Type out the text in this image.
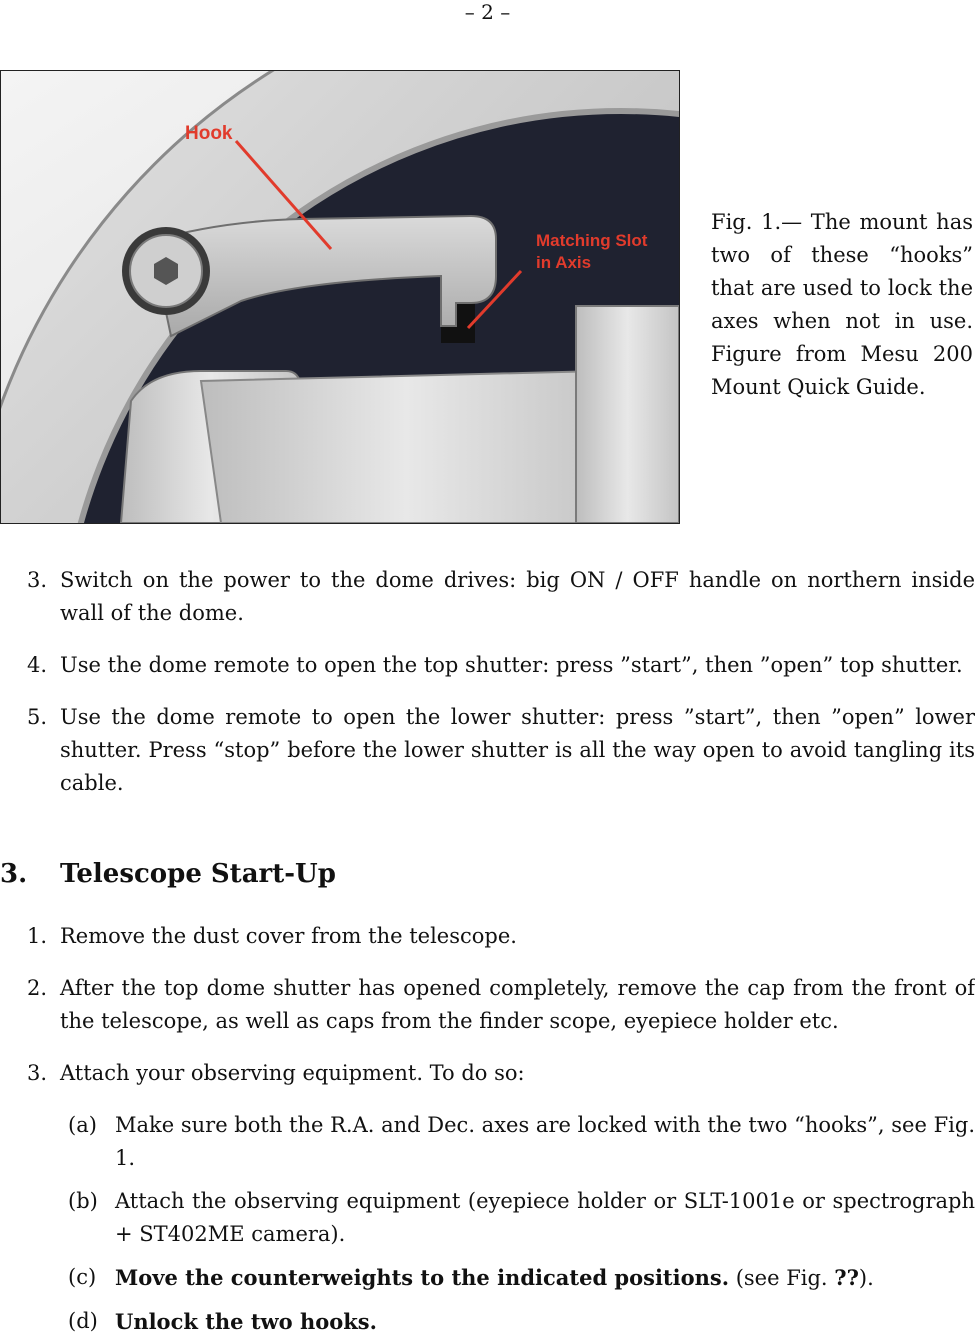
– 2 –
Hook
Matching Slot
in Axis
Fig. 1.— The mount has two of these “hooks” that are used to lock the axes when not in use. Figure from Mesu 200 Mount Quick Guide.
3. Switch on the power to the dome drives: big ON / OFF handle on northern inside wall of the dome.
4. Use the dome remote to open the top shutter: press ”start”, then ”open” top shutter.
5. Use the dome remote to open the lower shutter: press ”start”, then ”open” lower shutter. Press “stop” before the lower shutter is all the way open to avoid tangling its cable.
3. Telescope Start-Up
1. Remove the dust cover from the telescope.
2. After the top dome shutter has opened completely, remove the cap from the front of the telescope, as well as caps from the finder scope, eyepiece holder etc.
3. Attach your observing equipment. To do so:
(a) Make sure both the R.A. and Dec. axes are locked with the two “hooks”, see Fig. 1.
(b) Attach the observing equipment (eyepiece holder or SLT-1001e or spectrograph + ST402ME camera).
(c) Move the counterweights to the indicated positions. (see Fig. ??).
(d) Unlock the two hooks.
